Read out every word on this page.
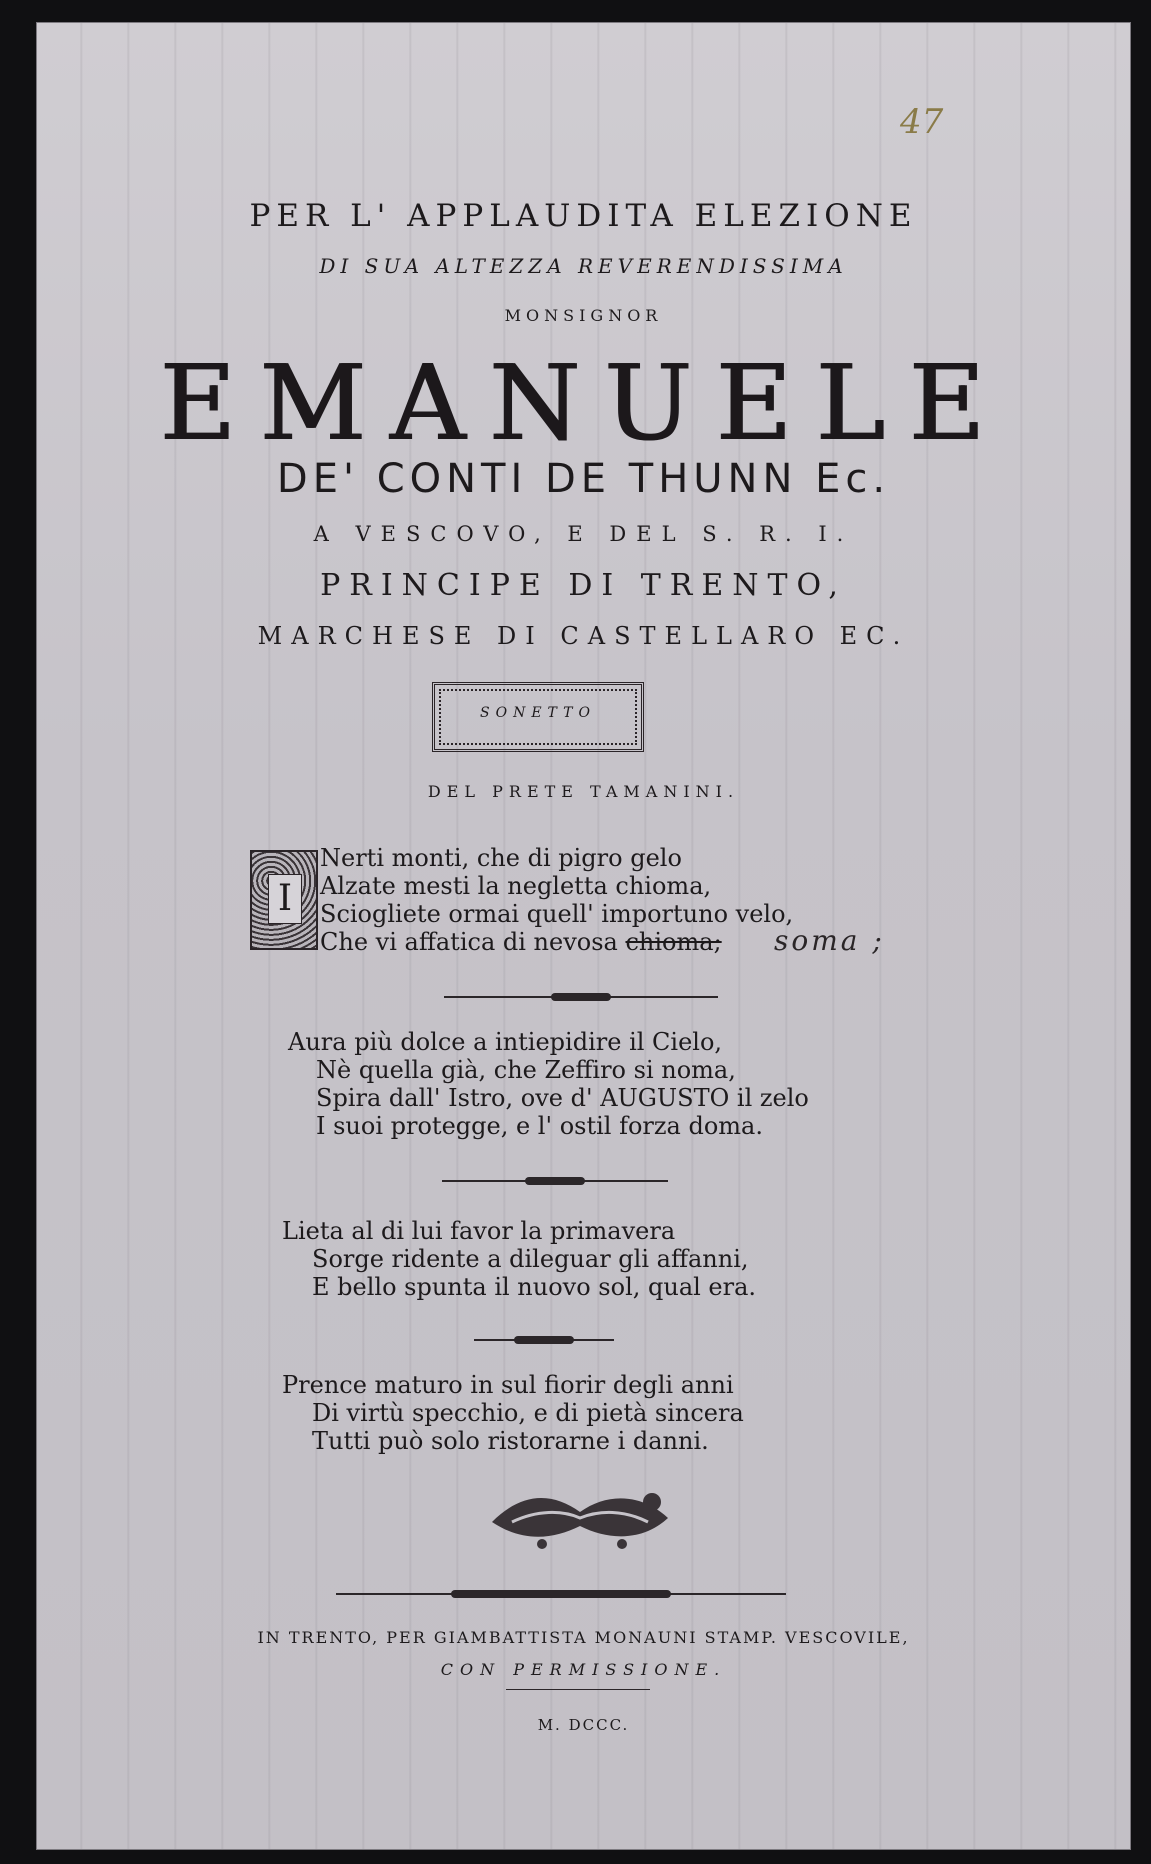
47
PER L' APPLAUDITA ELEZIONE
DI SUA ALTEZZA REVERENDISSIMA
MONSIGNOR
EMANUELE
DE' CONTI DE THUNN Ec.
A VESCOVO, E DEL S. R. I.
PRINCIPE DI TRENTO,
MARCHESE DI CASTELLARO EC.
SONETTO
DEL PRETE TAMANINI.
I
Nerti monti, che di pigro gelo
Alzate mesti la negletta chioma,
Sciogliete ormai quell' importuno velo,
Che vi affatica di nevosa chioma;	soma ;
Aura più dolce a intiepidire il Cielo,
Nè quella già, che Zeffiro si noma,
Spira dall' Istro, ove d' AUGUSTO il zelo
I suoi protegge, e l' ostil forza doma.
Lieta al di lui favor la primavera
Sorge ridente a dileguar gli affanni,
E bello spunta il nuovo sol, qual era.
Prence maturo in sul fiorir degli anni
Di virtù specchio, e di pietà sincera
Tutti può solo ristorarne i danni.
IN TRENTO, PER GIAMBATTISTA MONAUNI STAMP. VESCOVILE,
CON PERMISSIONE.
M. DCCC.
